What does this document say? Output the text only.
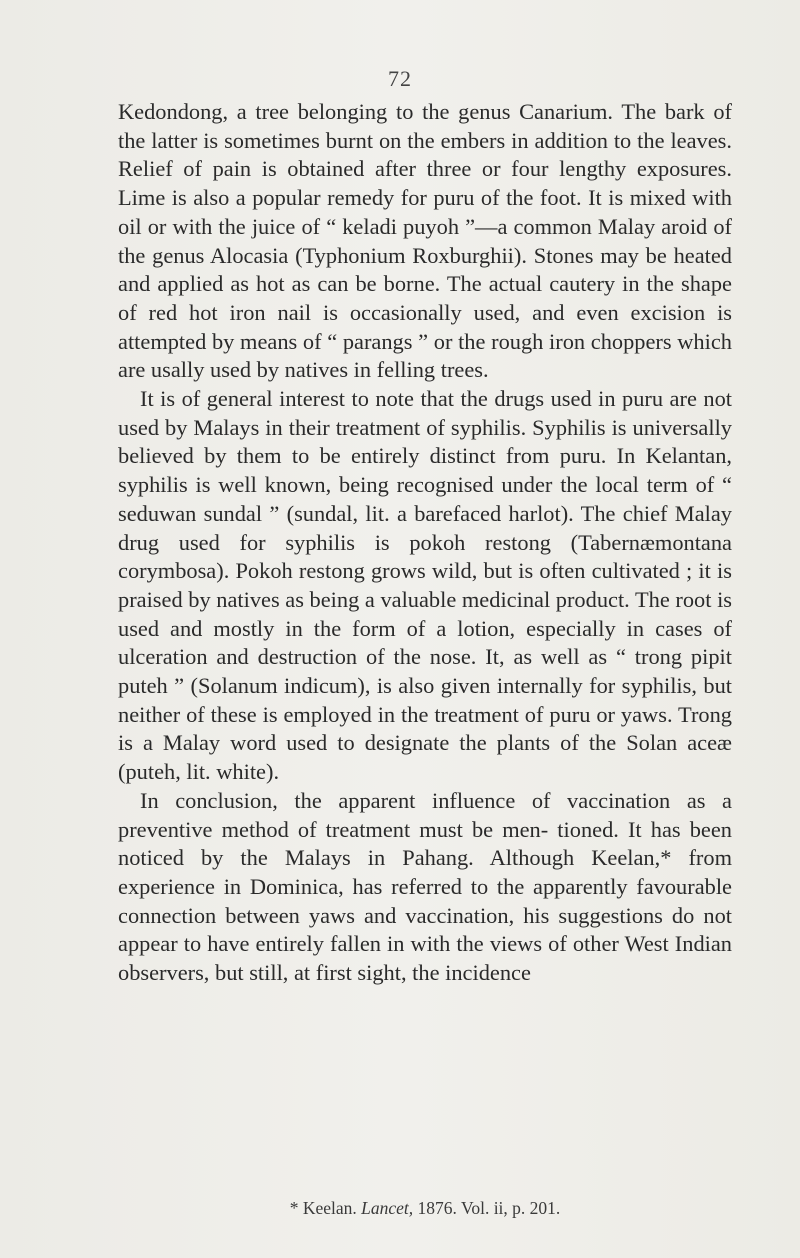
72

Kedondong, a tree belonging to the genus Canarium. The bark of the latter is sometimes burnt on the embers in addition to the leaves. Relief of pain is obtained after three or four lengthy exposures. Lime is also a popular remedy for puru of the foot. It is mixed with oil or with the juice of “ keladi puyoh ”—a common Malay aroid of the genus Alocasia (Typhonium Roxburghii). Stones may be heated and applied as hot as can be borne. The actual cautery in the shape of red hot iron nail is occasionally used, and even excision is attempted by means of “ parangs ” or the rough iron choppers which are usally used by natives in felling trees.

It is of general interest to note that the drugs used in puru are not used by Malays in their treatment of syphilis. Syphilis is universally believed by them to be entirely distinct from puru. In Kelantan, syphilis is well known, being recognised under the local term of “ seduwan sundal ” (sundal, lit. a barefaced harlot). The chief Malay drug used for syphilis is pokoh restong (Tabernæmontana corymbosa). Pokoh restong grows wild, but is often cultivated ; it is praised by natives as being a valuable medicinal product. The root is used and mostly in the form of a lotion, especially in cases of ulceration and destruction of the nose. It, as well as “ trong pipit puteh ” (Solanum indicum), is also given internally for syphilis, but neither of these is employed in the treatment of puru or yaws. Trong is a Malay word used to designate the plants of the Solan aceæ (puteh, lit. white).

In conclusion, the apparent influence of vaccination as a preventive method of treatment must be men- tioned. It has been noticed by the Malays in Pahang. Although Keelan,* from experience in Dominica, has referred to the apparently favourable connection between yaws and vaccination, his suggestions do not appear to have entirely fallen in with the views of other West Indian observers, but still, at first sight, the incidence

* Keelan. Lancet, 1876. Vol. ii, p. 201.
